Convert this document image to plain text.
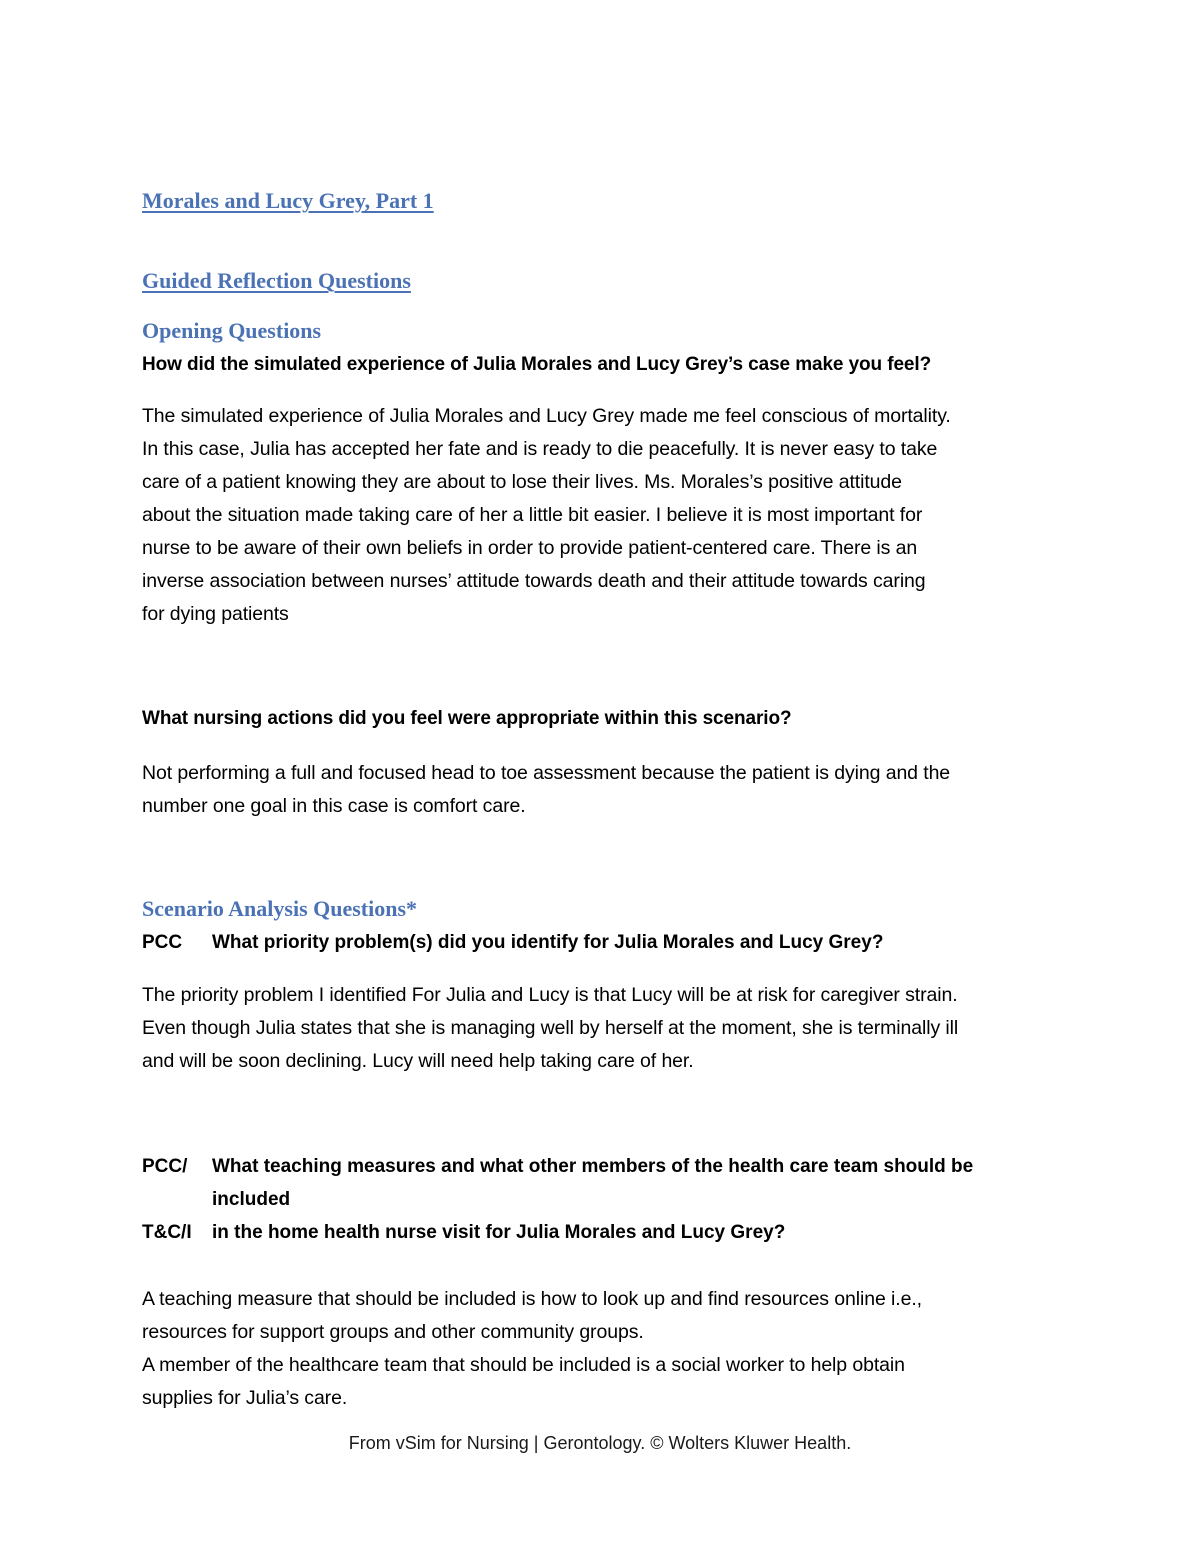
Morales and Lucy Grey, Part 1
Guided Reflection Questions
Opening Questions
How did the simulated experience of Julia Morales and Lucy Grey’s case make you feel?
The simulated experience of Julia Morales and Lucy Grey made me feel conscious of mortality.
In this case, Julia has accepted her fate and is ready to die peacefully. It is never easy to take
care of a patient knowing they are about to lose their lives. Ms. Morales’s positive attitude
about the situation made taking care of her a little bit easier. I believe it is most important for
nurse to be aware of their own beliefs in order to provide patient-centered care. There is an
inverse association between nurses’ attitude towards death and their attitude towards caring
for dying patients
What nursing actions did you feel were appropriate within this scenario?
Not performing a full and focused head to toe assessment because the patient is dying and the
number one goal in this case is comfort care.
Scenario Analysis Questions*
PCC	What priority problem(s) did you identify for Julia Morales and Lucy Grey?
The priority problem I identified For Julia and Lucy is that Lucy will be at risk for caregiver strain.
Even though Julia states that she is managing well by herself at the moment, she is terminally ill
and will be soon declining. Lucy will need help taking care of her.
PCC/	What teaching measures and what other members of the health care team should be
included
T&C/I	in the home health nurse visit for Julia Morales and Lucy Grey?
A teaching measure that should be included is how to look up and find resources online i.e.,
resources for support groups and other community groups.
A member of the healthcare team that should be included is a social worker to help obtain
supplies for Julia’s care.
From vSim for Nursing | Gerontology. © Wolters Kluwer Health.
